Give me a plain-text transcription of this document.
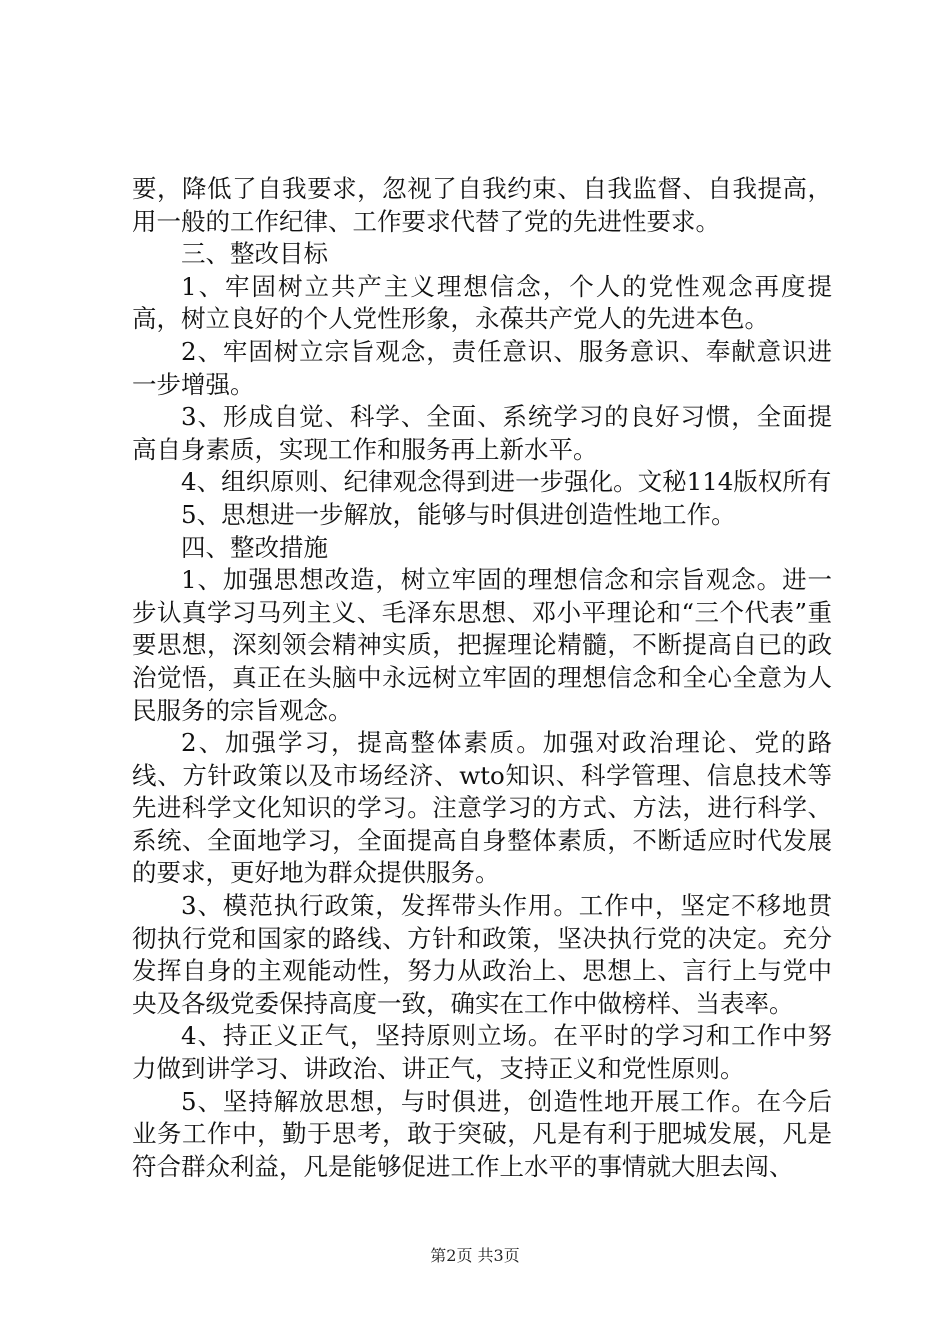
要，降低了自我要求，忽视了自我约束、自我监督、自我提高，用一般的工作纪律、工作要求代替了党的先进性要求。

三、整改目标

1、牢固树立共产主义理想信念，个人的党性观念再度提高，树立良好的个人党性形象，永葆共产党人的先进本色。

2、牢固树立宗旨观念，责任意识、服务意识、奉献意识进一步增强。

3、形成自觉、科学、全面、系统学习的良好习惯，全面提高自身素质，实现工作和服务再上新水平。

4、组织原则、纪律观念得到进一步强化。文秘114版权所有

5、思想进一步解放，能够与时俱进创造性地工作。

四、整改措施

1、加强思想改造，树立牢固的理想信念和宗旨观念。进一步认真学习马列主义、毛泽东思想、邓小平理论和“三个代表”重要思想，深刻领会精神实质，把握理论精髓，不断提高自已的政治觉悟，真正在头脑中永远树立牢固的理想信念和全心全意为人民服务的宗旨观念。

2、加强学习，提高整体素质。加强对政治理论、党的路线、方针政策以及市场经济、wto知识、科学管理、信息技术等先进科学文化知识的学习。注意学习的方式、方法，进行科学、系统、全面地学习，全面提高自身整体素质，不断适应时代发展的要求，更好地为群众提供服务。

3、模范执行政策，发挥带头作用。工作中，坚定不移地贯彻执行党和国家的路线、方针和政策，坚决执行党的决定。充分发挥自身的主观能动性，努力从政治上、思想上、言行上与党中央及各级党委保持高度一致，确实在工作中做榜样、当表率。

4、持正义正气，坚持原则立场。在平时的学习和工作中努力做到讲学习、讲政治、讲正气，支持正义和党性原则。

5、坚持解放思想，与时俱进，创造性地开展工作。在今后业务工作中，勤于思考，敢于突破，凡是有利于肥城发展，凡是符合群众利益，凡是能够促进工作上水平的事情就大胆去闯、

第2页 共3页
